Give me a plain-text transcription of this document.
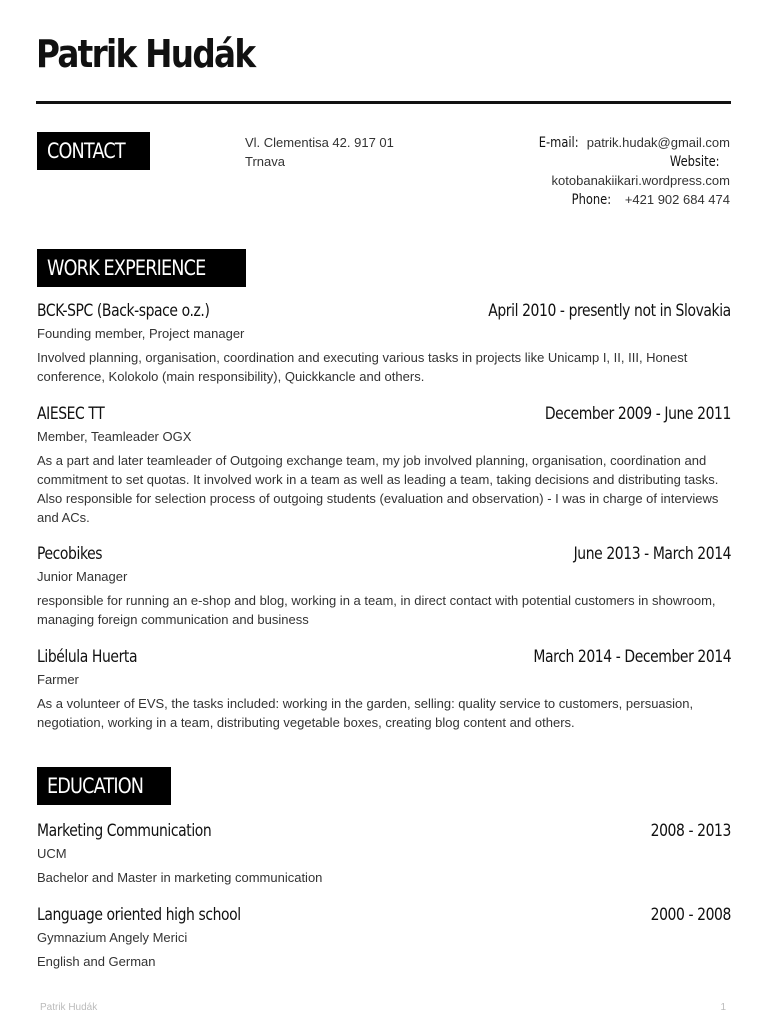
Patrik Hudák
CONTACT	Vl. Clementisa 42. 917 01 Trnava
E-mail: patrik.hudak@gmail.com
Website:
kotobanakiikari.wordpress.com
Phone: +421 902 684 474
WORK EXPERIENCE
BCK-SPC (Back-space o.z.)	April 2010 - presently not in Slovakia
Founding member, Project manager
Involved planning, organisation, coordination and executing various tasks in projects like Unicamp I, II, III, Honest conference, Kolokolo (main responsibility), Quickkancle and others.
AIESEC TT	December 2009 - June 2011
Member, Teamleader OGX
As a part and later teamleader of Outgoing exchange team, my job involved planning, organisation, coordination and commitment to set quotas. It involved work in a team as well as leading a team, taking decisions and distributing tasks. Also responsible for selection process of outgoing students (evaluation and observation) - I was in charge of interviews and ACs.
Pecobikes	June 2013 - March 2014
Junior Manager
responsible for running an e-shop and blog, working in a team, in direct contact with potential customers in showroom, managing foreign communication and business
Libélula Huerta	March 2014 - December 2014
Farmer
As a volunteer of EVS, the tasks included: working in the garden, selling: quality service to customers, persuasion, negotiation, working in a team, distributing vegetable boxes, creating blog content and others.
EDUCATION
Marketing Communication	2008 - 2013
UCM
Bachelor and Master in marketing communication
Language oriented high school	2000 - 2008
Gymnazium Angely Merici
English and German
Patrik Hudák	1
